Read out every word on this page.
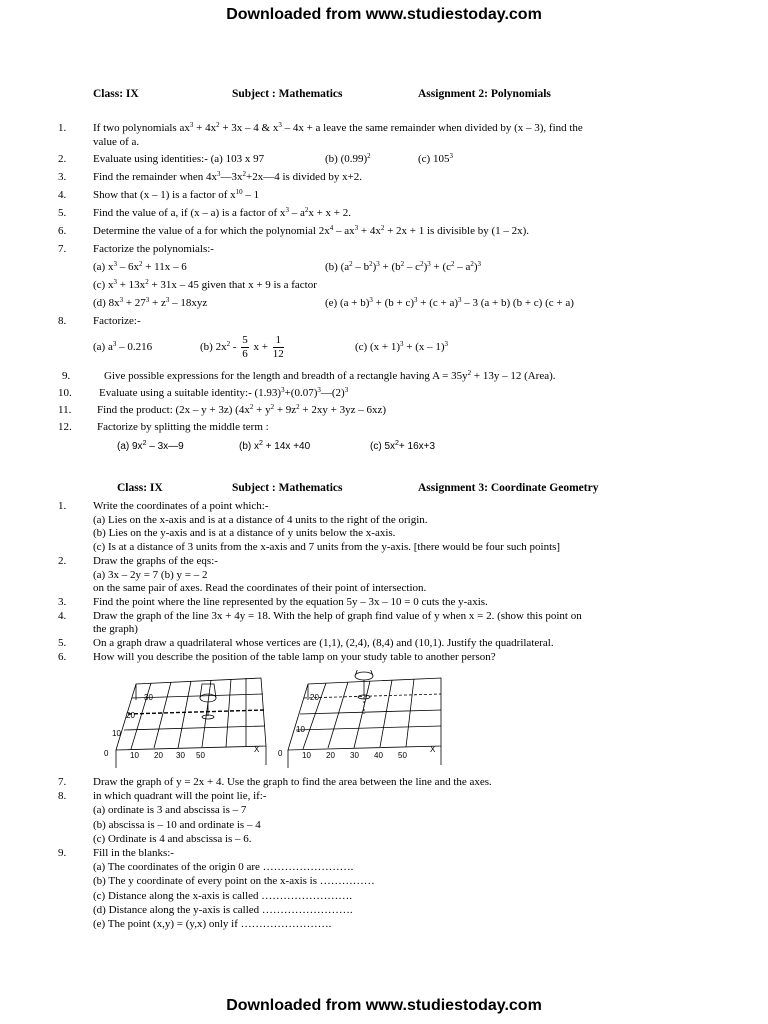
Downloaded from www.studiestoday.com
Class: IX	Subject : Mathematics	Assignment 2: Polynomials
1. If two polynomials $ax^3 + 4x^2 + 3x - 4$ & $x^3 - 4x + a$ leave the same remainder when divided by (x – 3), find the
value of a.
2. Evaluate using identities:- (a) 103 x 97	(b) $(0.99)^2$	(c) $105^3$
3. Find the remainder when $4x^3—3x^2+2x—4$ is divided by x+2.
4. Show that (x – 1) is a factor of $x^{10} - 1$
5. Find the value of a, if (x – a) is a factor of $x^3 - a^2x + x + 2$.
6. Determine the value of a for which the polynomial $2x^4 - ax^3 + 4x^2 + 2x + 1$ is divisible by (1 – 2x).
7. Factorize the polynomials:-
(a) $x^3 - 6x^2 + 11x - 6$	(b) $(a^2 - b^2)^3 + (b^2 - c^2)^3 + (c^2 - a^2)^3$
(c) $x^3 + 13x^2 + 31x - 45$ given that x + 9 is a factor
(d) $8x^3 + 27^3 + z^3 - 18xyz$	(e) $(a + b)^3 + (b + c)^3 + (c + a)^3 - 3$ (a + b) (b + c) (c + a)
8. Factorize:-
(a) $a^3 - 0.216$	(b) $2x^2 - \frac{5}{6}$ $x + \frac{1}{12}$	(c) $(x + 1)^3 + (x - 1)^3$
9.	Give possible expressions for the length and breadth of a rectangle having $A = 35y^2 + 13y - 12$ (Area).
10. Evaluate using a suitable identity:- $(1.93)^3+(0.07)^3—(2)^3$
11. Find the product: (2x – y + 3z) $(4x^2 + y^2 + 9z^2 + 2xy + 3yz - 6xz)$
12. Factorize by splitting the middle term :
(a) $9x^2$ – 3x—9	(b) $x^2 + 14x +40$	(c) $5x^2+ 16x+3$
Class: IX	Subject : Mathematics	Assignment 3: Coordinate Geometry
1. Write the coordinates of a point which:-
(a) Lies on the x-axis and is at a distance of 4 units to the right of the origin.
(b) Lies on the y-axis and is at a distance of y units below the x-axis.
(c) Is at a distance of 3 units from the x-axis and 7 units from the y-axis. [there would be four such points]
2. Draw the graphs of the eqs:-
(a) 3x – 2y = 7 (b) y = – 2
on the same pair of axes. Read the coordinates of their point of intersection.
3. Find the point where the line represented by the equation 5y – 3x – 10 = 0 cuts the y-axis.
4. Draw the graph of the line 3x + 4y = 18. With the help of graph find value of y when x = 2. (show this point on
the graph)
5. On a graph draw a quadrilateral whose vertices are (1,1), (2,4), (8,4) and (10,1). Justify the quadrilateral.
6. How will you describe the position of the table lamp on your study table to another person?
30
20
10
0	10 20 30 50
X
20
10
0 10 20 30 40 50
X
7. Draw the graph of y = 2x + 4. Use the graph to find the area between the line and the axes.
8. in which quadrant will the point lie, if:-
(a) ordinate is 3 and abscissa is – 7
(b) abscissa is – 10 and ordinate is – 4
(c) Ordinate is 4 and abscissa is – 6.
9. Fill in the blanks:-
(a) The coordinates of the origin 0 are …………………….
(b) The y coordinate of every point on the x-axis is ……………
(c) Distance along the x-axis is called …………………….
(d) Distance along the y-axis is called …………………….
(e) The point (x,y) = (y,x) only if …………………….
Downloaded from www.studiestoday.com
